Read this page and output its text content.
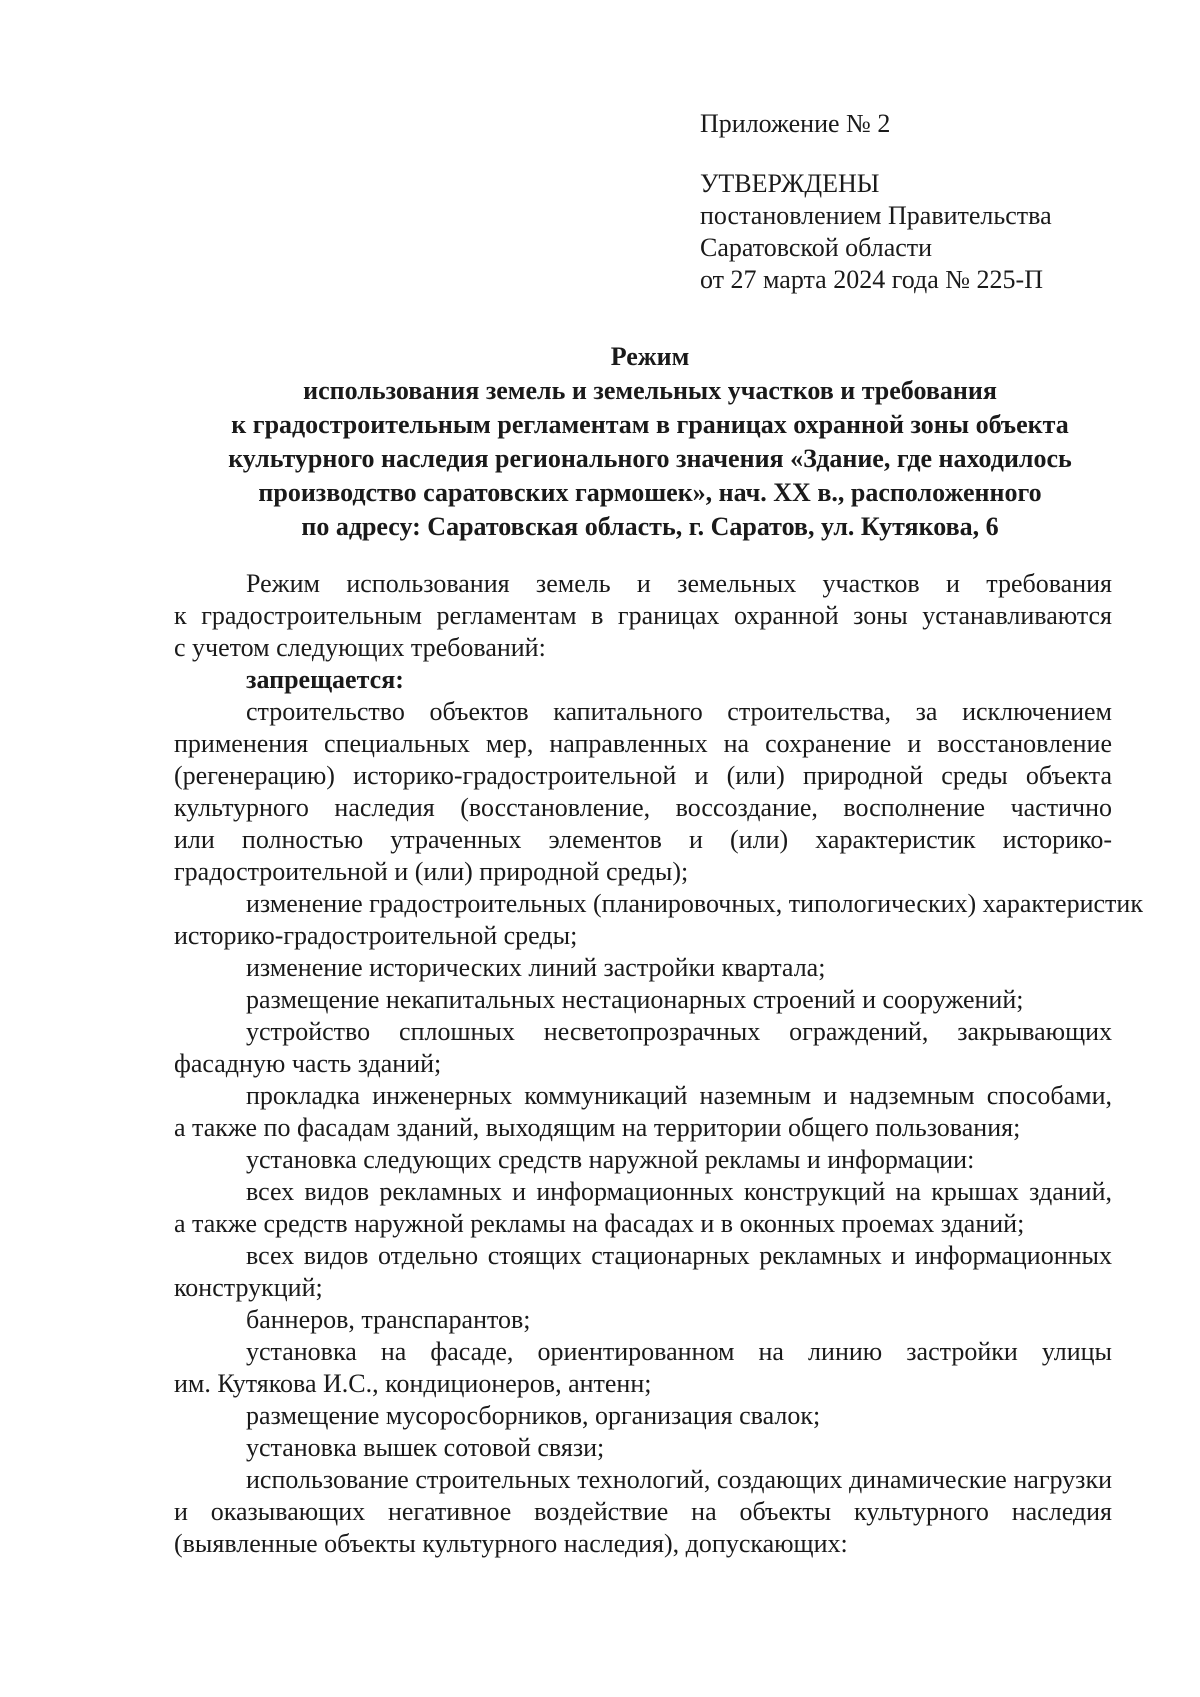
Приложение № 2

УТВЕРЖДЕНЫ

постановлением Правительства
Саратовской области
от 27 марта 2024 года № 225-П
Режим
использования земель и земельных участков и требования
к градостроительным регламентам в границах охранной зоны объекта
культурного наследия регионального значения «Здание, где находилось
производство саратовских гармошек», нач. XX в., расположенного
по адресу: Саратовская область, г. Саратов, ул. Кутякова, 6
Режим использования земель и земельных участков и требования
к градостроительным регламентам в границах охранной зоны устанавливаются
с учетом следующих требований:
запрещается:
строительство объектов капитального строительства, за исключением
применения специальных мер, направленных на сохранение и восстановление
(регенерацию) историко-градостроительной и (или) природной среды объекта
культурного наследия (восстановление, воссоздание, восполнение частично
или полностью утраченных элементов и (или) характеристик историко-
градостроительной и (или) природной среды);
изменение градостроительных (планировочных, типологических) характеристик
историко-градостроительной среды;
изменение исторических линий застройки квартала;
размещение некапитальных нестационарных строений и сооружений;
устройство сплошных несветопрозрачных ограждений, закрывающих
фасадную часть зданий;
прокладка инженерных коммуникаций наземным и надземным способами,
а также по фасадам зданий, выходящим на территории общего пользования;
установка следующих средств наружной рекламы и информации:
всех видов рекламных и информационных конструкций на крышах зданий,
а также средств наружной рекламы на фасадах и в оконных проемах зданий;
всех видов отдельно стоящих стационарных рекламных и информационных
конструкций;
баннеров, транспарантов;
установка на фасаде, ориентированном на линию застройки улицы
им. Кутякова И.С., кондиционеров, антенн;
размещение мусоросборников, организация свалок;
установка вышек сотовой связи;
использование строительных технологий, создающих динамические нагрузки
и оказывающих негативное воздействие на объекты культурного наследия
(выявленные объекты культурного наследия), допускающих:
